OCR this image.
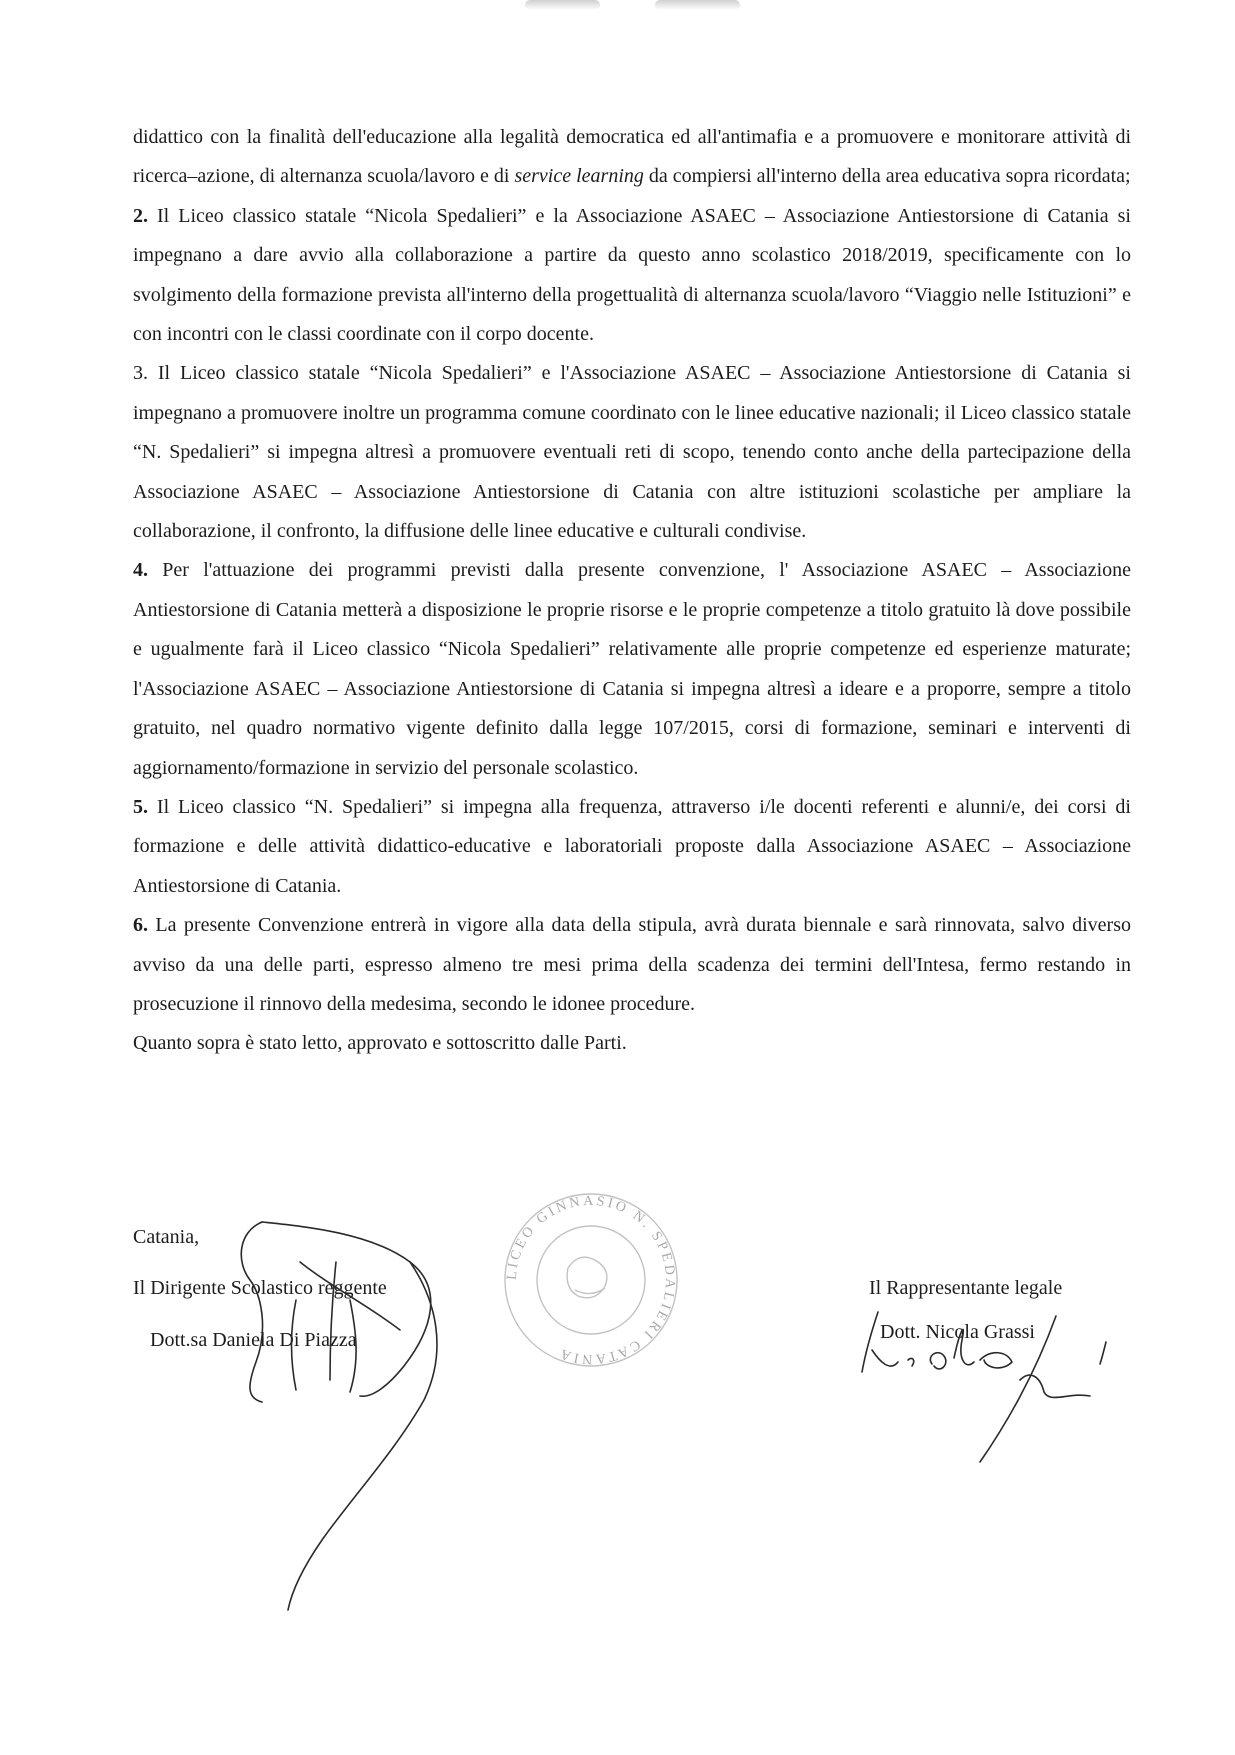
didattico con la finalità dell'educazione alla legalità democratica ed all'antimafia e a promuovere e monitorare attività di ricerca–azione, di alternanza scuola/lavoro e di service learning da compiersi all'interno della area educativa sopra ricordata;

2. Il Liceo classico statale “Nicola Spedalieri” e la Associazione ASAEC – Associazione Antiestorsione di Catania si impegnano a dare avvio alla collaborazione a partire da questo anno scolastico 2018/2019, specificamente con lo svolgimento della formazione prevista all'interno della progettualità di alternanza scuola/lavoro “Viaggio nelle Istituzioni” e con incontri con le classi coordinate con il corpo docente.

3. Il Liceo classico statale “Nicola Spedalieri” e l'Associazione ASAEC – Associazione Antiestorsione di Catania si impegnano a promuovere inoltre un programma comune coordinato con le linee educative nazionali; il Liceo classico statale “N. Spedalieri” si impegna altresì a promuovere eventuali reti di scopo, tenendo conto anche della partecipazione della Associazione ASAEC – Associazione Antiestorsione di Catania con altre istituzioni scolastiche per ampliare la collaborazione, il confronto, la diffusione delle linee educative e culturali condivise.

4. Per l'attuazione dei programmi previsti dalla presente convenzione, l' Associazione ASAEC – Associazione Antiestorsione di Catania metterà a disposizione le proprie risorse e le proprie competenze a titolo gratuito là dove possibile e ugualmente farà il Liceo classico “Nicola Spedalieri” relativamente alle proprie competenze ed esperienze maturate; l'Associazione ASAEC – Associazione Antiestorsione di Catania si impegna altresì a ideare e a proporre, sempre a titolo gratuito, nel quadro normativo vigente definito dalla legge 107/2015, corsi di formazione, seminari e interventi di aggiornamento/formazione in servizio del personale scolastico.

5. Il Liceo classico “N. Spedalieri” si impegna alla frequenza, attraverso i/le docenti referenti e alunni/e, dei corsi di formazione e delle attività didattico-educative e laboratoriali proposte dalla Associazione ASAEC – Associazione Antiestorsione di Catania.

6. La presente Convenzione entrerà in vigore alla data della stipula, avrà durata biennale e sarà rinnovata, salvo diverso avviso da una delle parti, espresso almeno tre mesi prima della scadenza dei termini dell'Intesa, fermo restando in prosecuzione il rinnovo della medesima, secondo le idonee procedure.

Quanto sopra è stato letto, approvato e sottoscritto dalle Parti.

Catania,

Il Dirigente Scolastico reggente

Dott.sa Daniela Di Piazza

Il Rappresentante legale

Dott. Nicola Grassi

LICEO GINNASIO N. SPEDALIERI CATANIA
